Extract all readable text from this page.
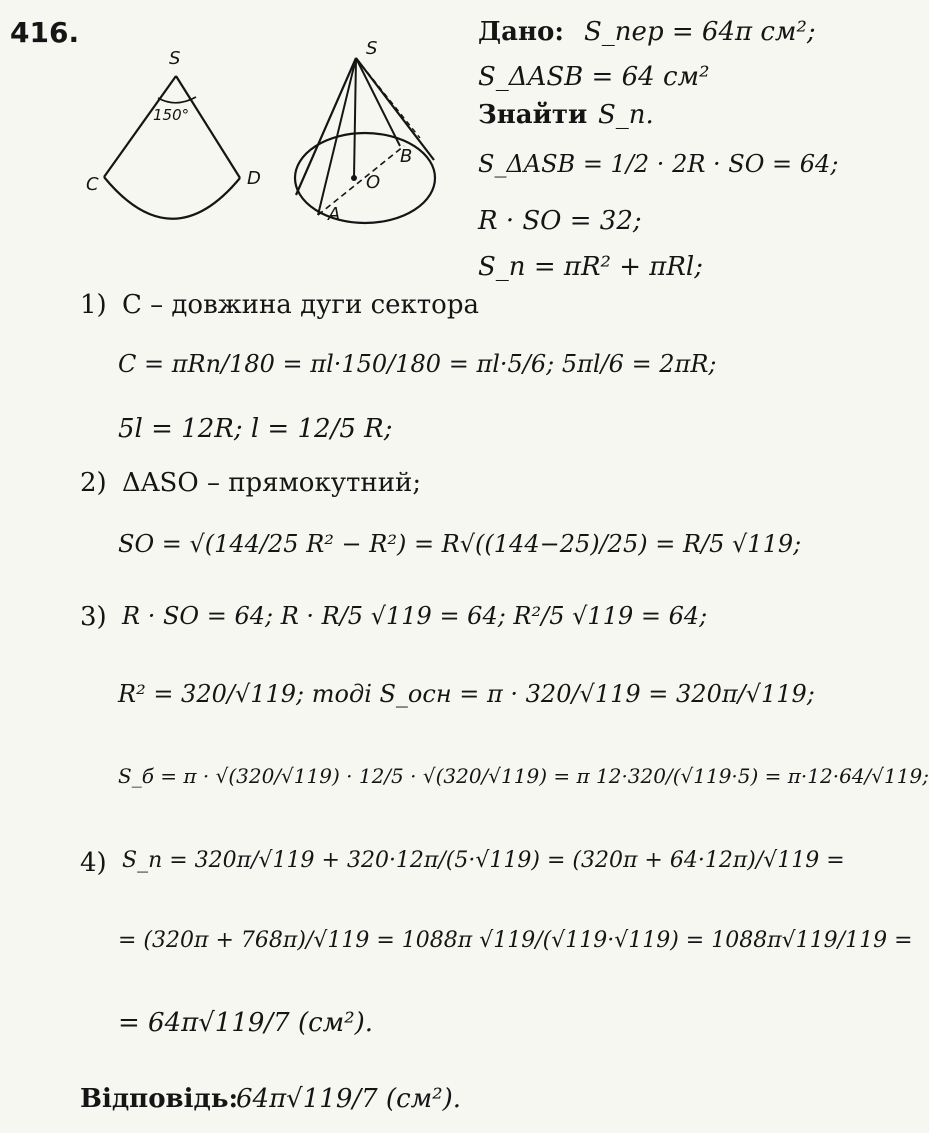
416.
S
150°
C	D
S
O
A
B
Дано: S_пер = 64π см²;
S_ΔASB = 64 см²
Знайти S_п.
S_ΔASB = 1/2 · 2R · SO = 64;
R · SO = 32;
S_п = πR² + πRl;
1) C – довжина дуги сектора
C = πRn/180 = πl·150/180 = πl·5/6; 5πl/6 = 2πR;
5l = 12R; l = 12/5 R;
2) ΔASO – прямокутний;
SO = √(144/25 R² − R²) = R√((144−25)/25) = R/5 √119;
3) R · SO = 64; R · R/5 √119 = 64; R²/5 √119 = 64;
R² = 320/√119; тоді S_осн = π · 320/√119 = 320π/√119;
S_б = π · √(320/√119) · 12/5 · √(320/√119) = π 12·320/(√119·5) = π·12·64/√119;
4) S_п = 320π/√119 + 320·12π/(5·√119) = (320π + 64·12π)/√119 =
= (320π + 768π)/√119 = 1088π √119/(√119·√119) = 1088π√119/119 =
= 64π√119/7 (см²).
Відповідь:
64π√119/7 (см²).
